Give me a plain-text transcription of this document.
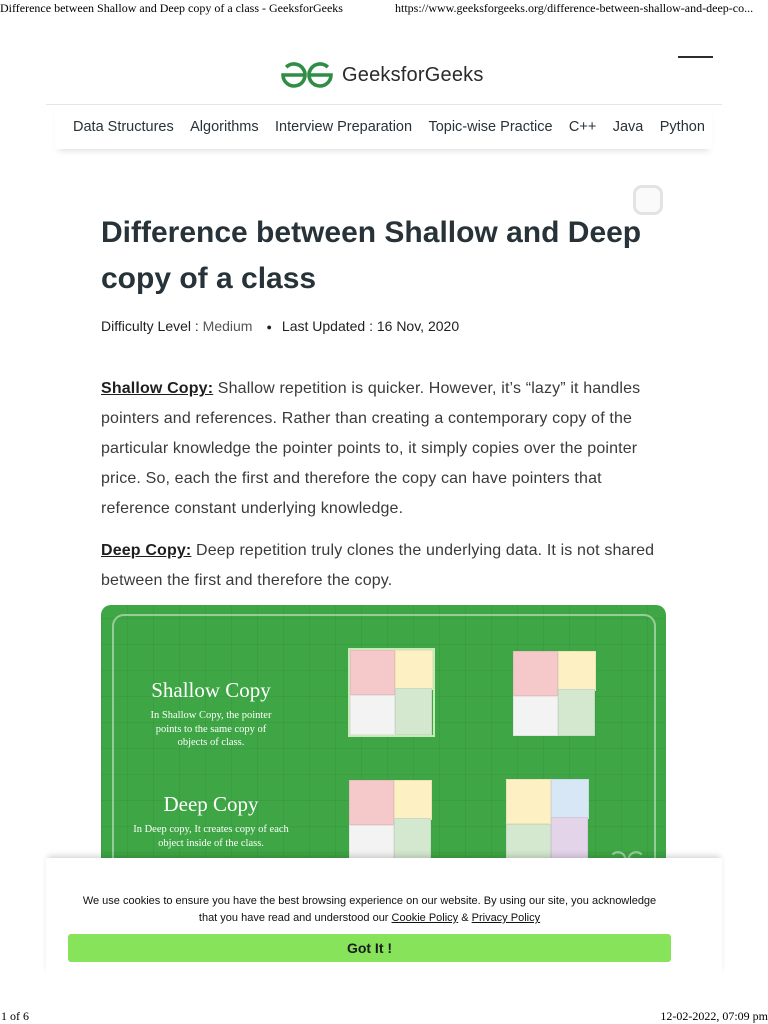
Difference between Shallow and Deep copy of a class - GeeksforGeeks	https://www.geeksforgeeks.org/difference-between-shallow-and-deep-co...
GeeksforGeeks
Data Structures Algorithms Interview Preparation Topic-wise Practice C++ Java Python
Difference between Shallow and Deep copy of a class
Difficulty Level : Medium ● Last Updated : 16 Nov, 2020

Shallow Copy: Shallow repetition is quicker. However, it’s “lazy” it handles pointers and references. Rather than creating a contemporary copy of the particular knowledge the pointer points to, it simply copies over the pointer price. So, each the first and therefore the copy can have pointers that reference constant underlying knowledge.

Deep Copy: Deep repetition truly clones the underlying data. It is not shared between the first and therefore the copy.

Shallow Copy
In Shallow Copy, the pointer points to the same copy of objects of class.
Deep Copy
In Deep copy, It creates copy of each object inside of the class.
We use cookies to ensure you have the best browsing experience on our website. By using our site, you acknowledge
that you have read and understood our Cookie Policy & Privacy Policy
Got It !
1 of 6	12-02-2022, 07:09 pm
